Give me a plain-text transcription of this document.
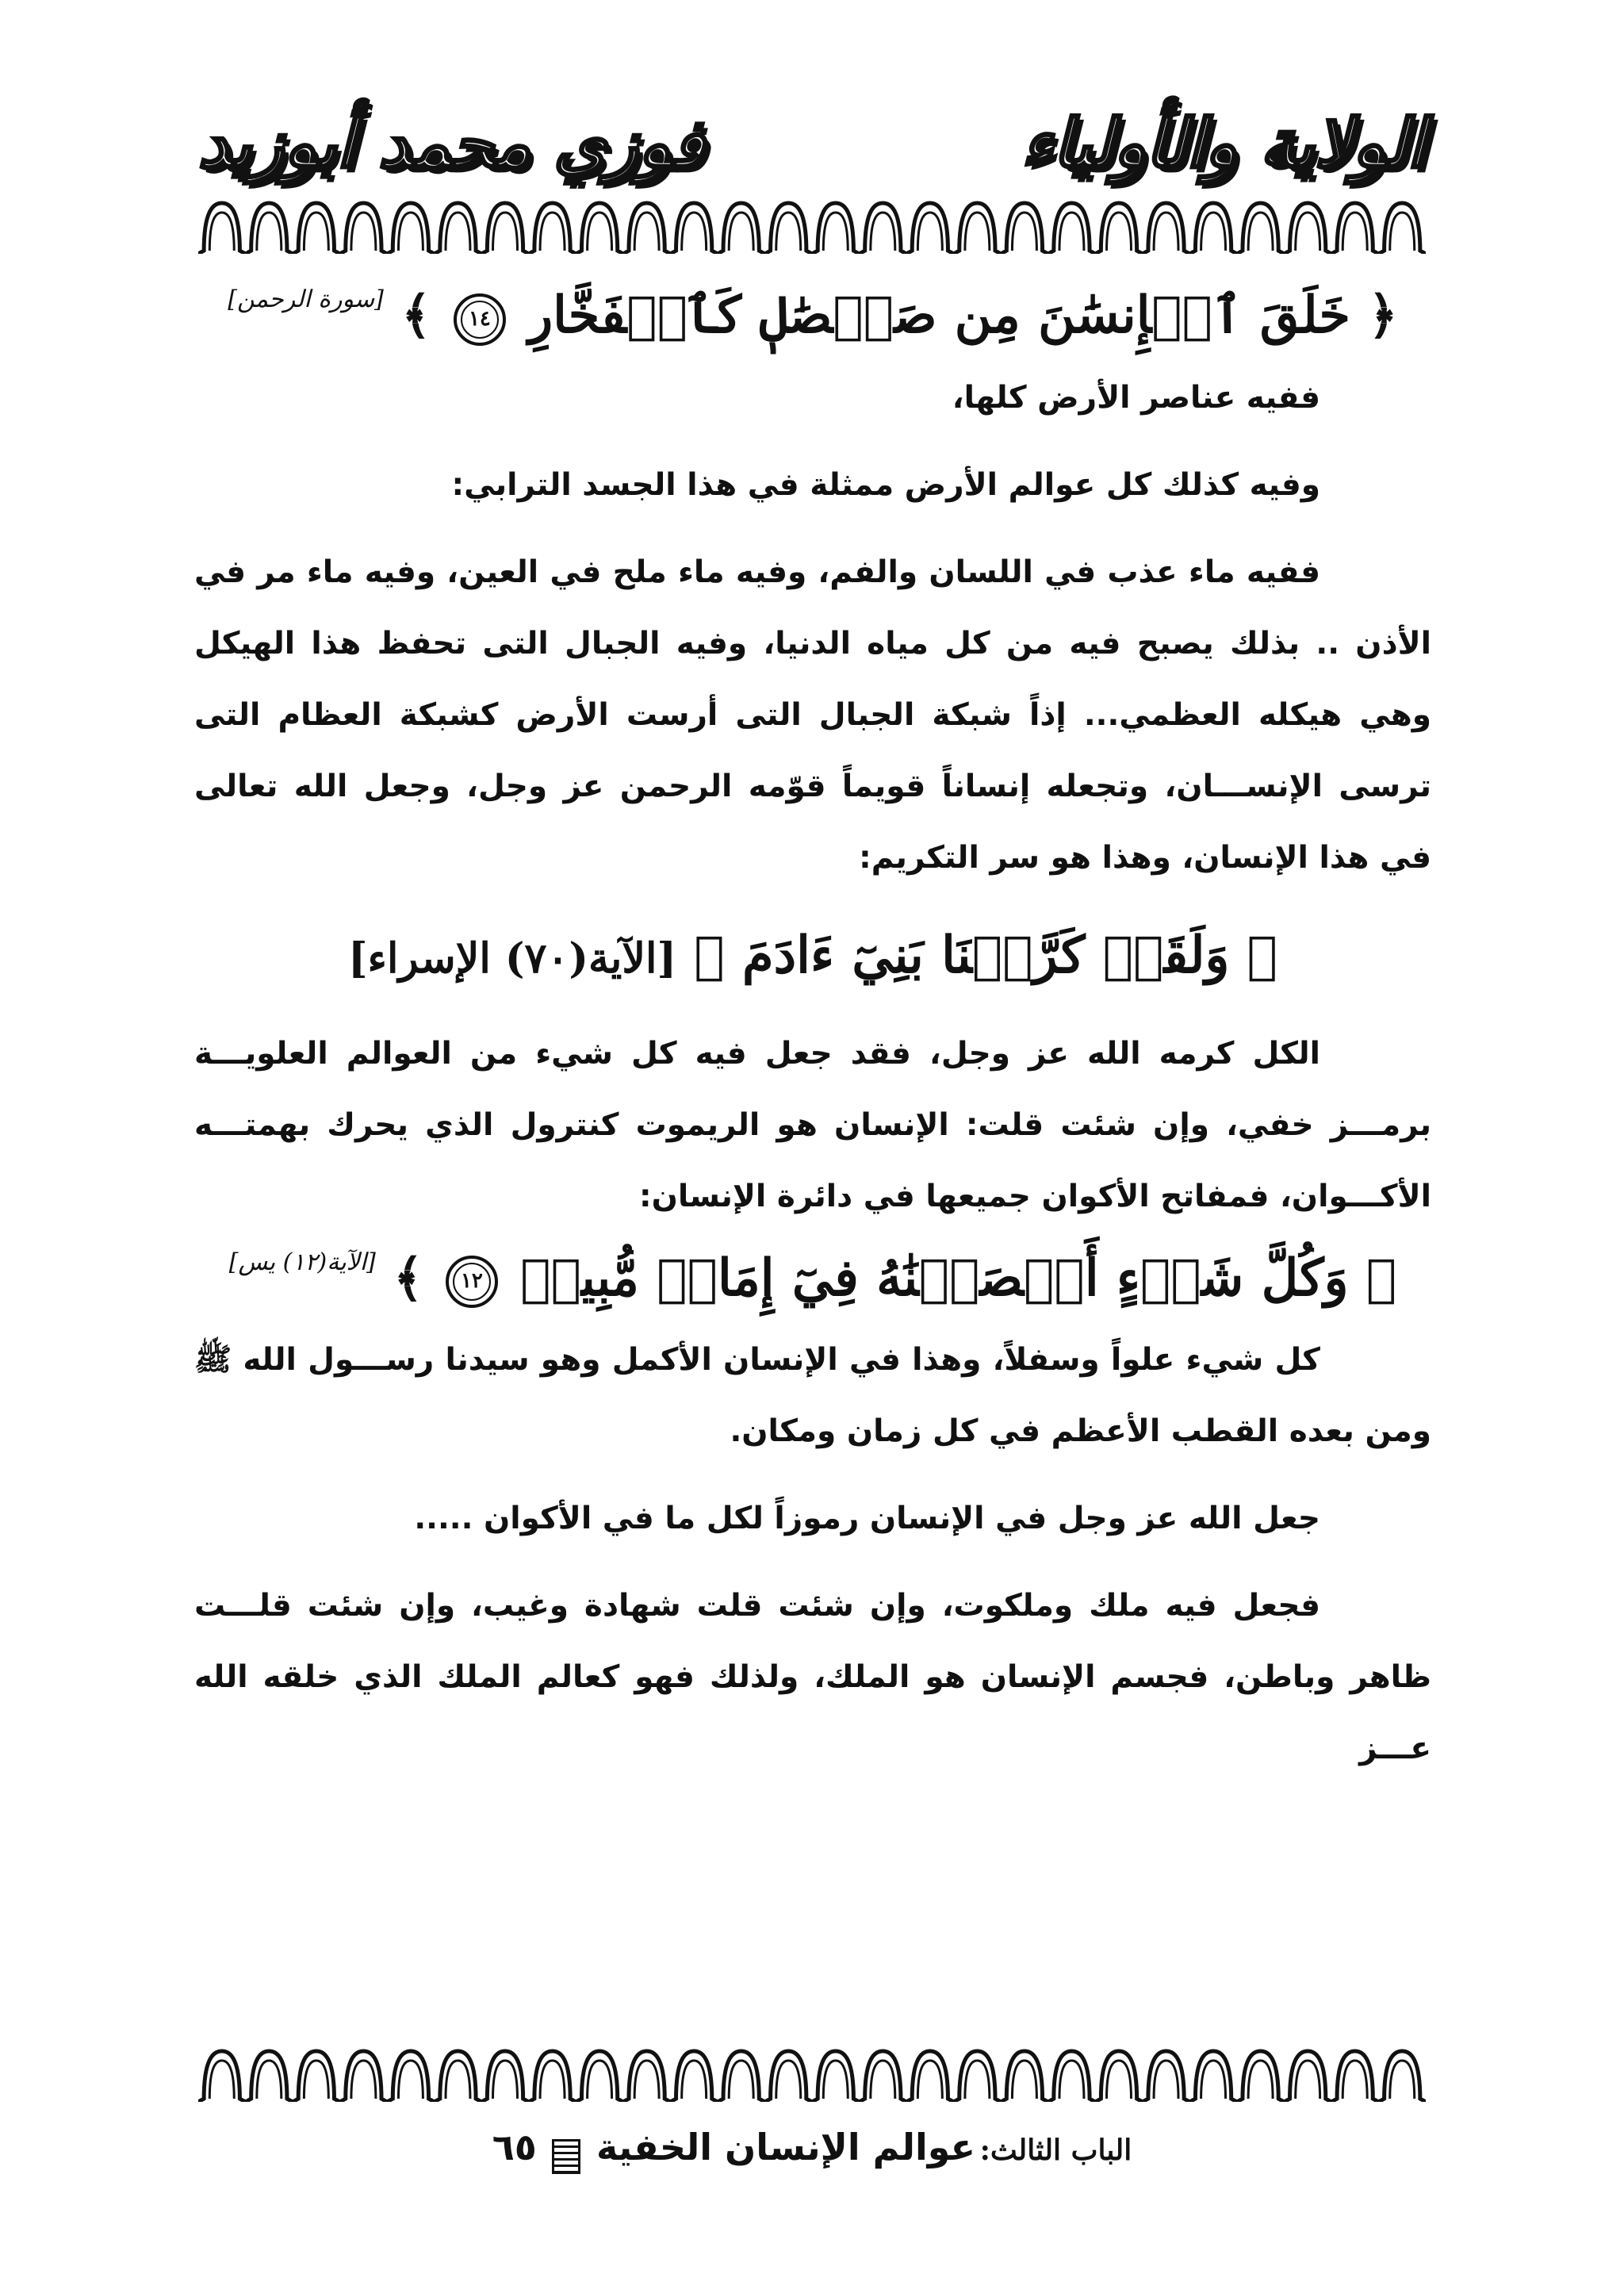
الولاية والأولياء
فوزي محمد أبوزيد

﴿ خَلَقَ ٱلۡإِنسَٰنَ مِن صَلۡصَٰلٖ كَٱلۡفَخَّارِ ١٤ ﴾ [سورة الرحمن]

ففيه عناصر الأرض كلها،

وفيه كذلك كل عوالم الأرض ممثلة في هذا الجسد الترابي:

ففيه ماء عذب في اللسان والفم، وفيه ماء ملح في العين، وفيه ماء مر في الأذن .. بذلك يصبح فيه من كل مياه الدنيا، وفيه الجبال التى تحفظ هذا الهيكل وهي هيكله العظمي... إذاً شبكة الجبال التى أرست الأرض كشبكة العظام التى ترسى الإنســـان، وتجعله إنساناً قويماً قوّمه الرحمن عز وجل، وجعل الله تعالى في هذا الإنسان، وهذا هو سر التكريم:

﴿ وَلَقَدۡ كَرَّمۡنَا بَنِيٓ ءَادَمَ ﴾ [الآية(٧٠) الإسراء]

الكل كرمه الله عز وجل، فقد جعل فيه كل شيء من العوالم العلويـــة برمـــز خفي، وإن شئت قلت: الإنسان هو الريموت كنترول الذي يحرك بهمتـــه الأكـــوان، فمفاتح الأكوان جميعها في دائرة الإنسان:

﴿ وَكُلَّ شَيۡءٍ أَحۡصَيۡنَٰهُ فِيٓ إِمَامٖ مُّبِينٖ ١٢ ﴾ [الآية(١٢) يس]

كل شيء علواً وسفلاً، وهذا في الإنسان الأكمل وهو سيدنا رســـول الله ﷺ ومن بعده القطب الأعظم في كل زمان ومكان.

جعل الله عز وجل في الإنسان رموزاً لكل ما في الأكوان .....

فجعل فيه ملك وملكوت، وإن شئت قلت شهادة وغيب، وإن شئت قلـــت ظاهر وباطن، فجسم الإنسان هو الملك، ولذلك فهو كعالم الملك الذي خلقه الله عـــز

الباب الثالث: عوالم الإنسان الخفية  ٦٥
